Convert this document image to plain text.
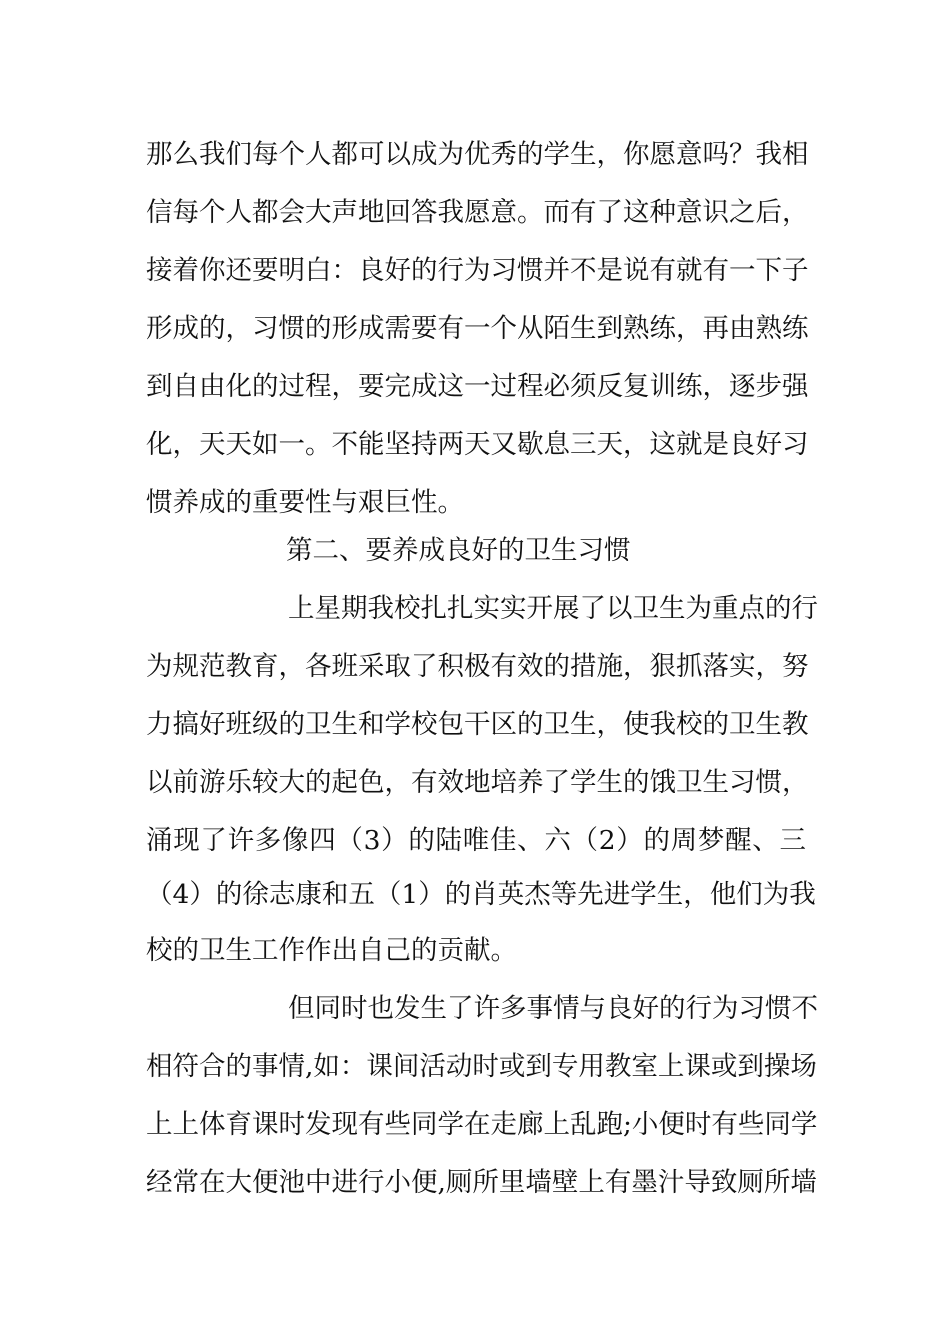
那么我们每个人都可以成为优秀的学生，你愿意吗？我相
信每个人都会大声地回答我愿意。而有了这种意识之后，
接着你还要明白：良好的行为习惯并不是说有就有一下子
形成的，习惯的形成需要有一个从陌生到熟练，再由熟练
到自由化的过程，要完成这一过程必须反复训练，逐步强
化，天天如一。不能坚持两天又歇息三天，这就是良好习
惯养成的重要性与艰巨性。
第二、要养成良好的卫生习惯
上星期我校扎扎实实开展了以卫生为重点的行
为规范教育，各班采取了积极有效的措施，狠抓落实，努
力搞好班级的卫生和学校包干区的卫生，使我校的卫生教
以前游乐较大的起色，有效地培养了学生的饿卫生习惯，
涌现了许多像四（3）的陆唯佳、六（2）的周梦醒、三
（4）的徐志康和五（1）的肖英杰等先进学生，他们为我
校的卫生工作作出自己的贡献。
但同时也发生了许多事情与良好的行为习惯不
相符合的事情,如：课间活动时或到专用教室上课或到操场
上上体育课时发现有些同学在走廊上乱跑;小便时有些同学
经常在大便池中进行小便,厕所里墙壁上有墨汁导致厕所墙
